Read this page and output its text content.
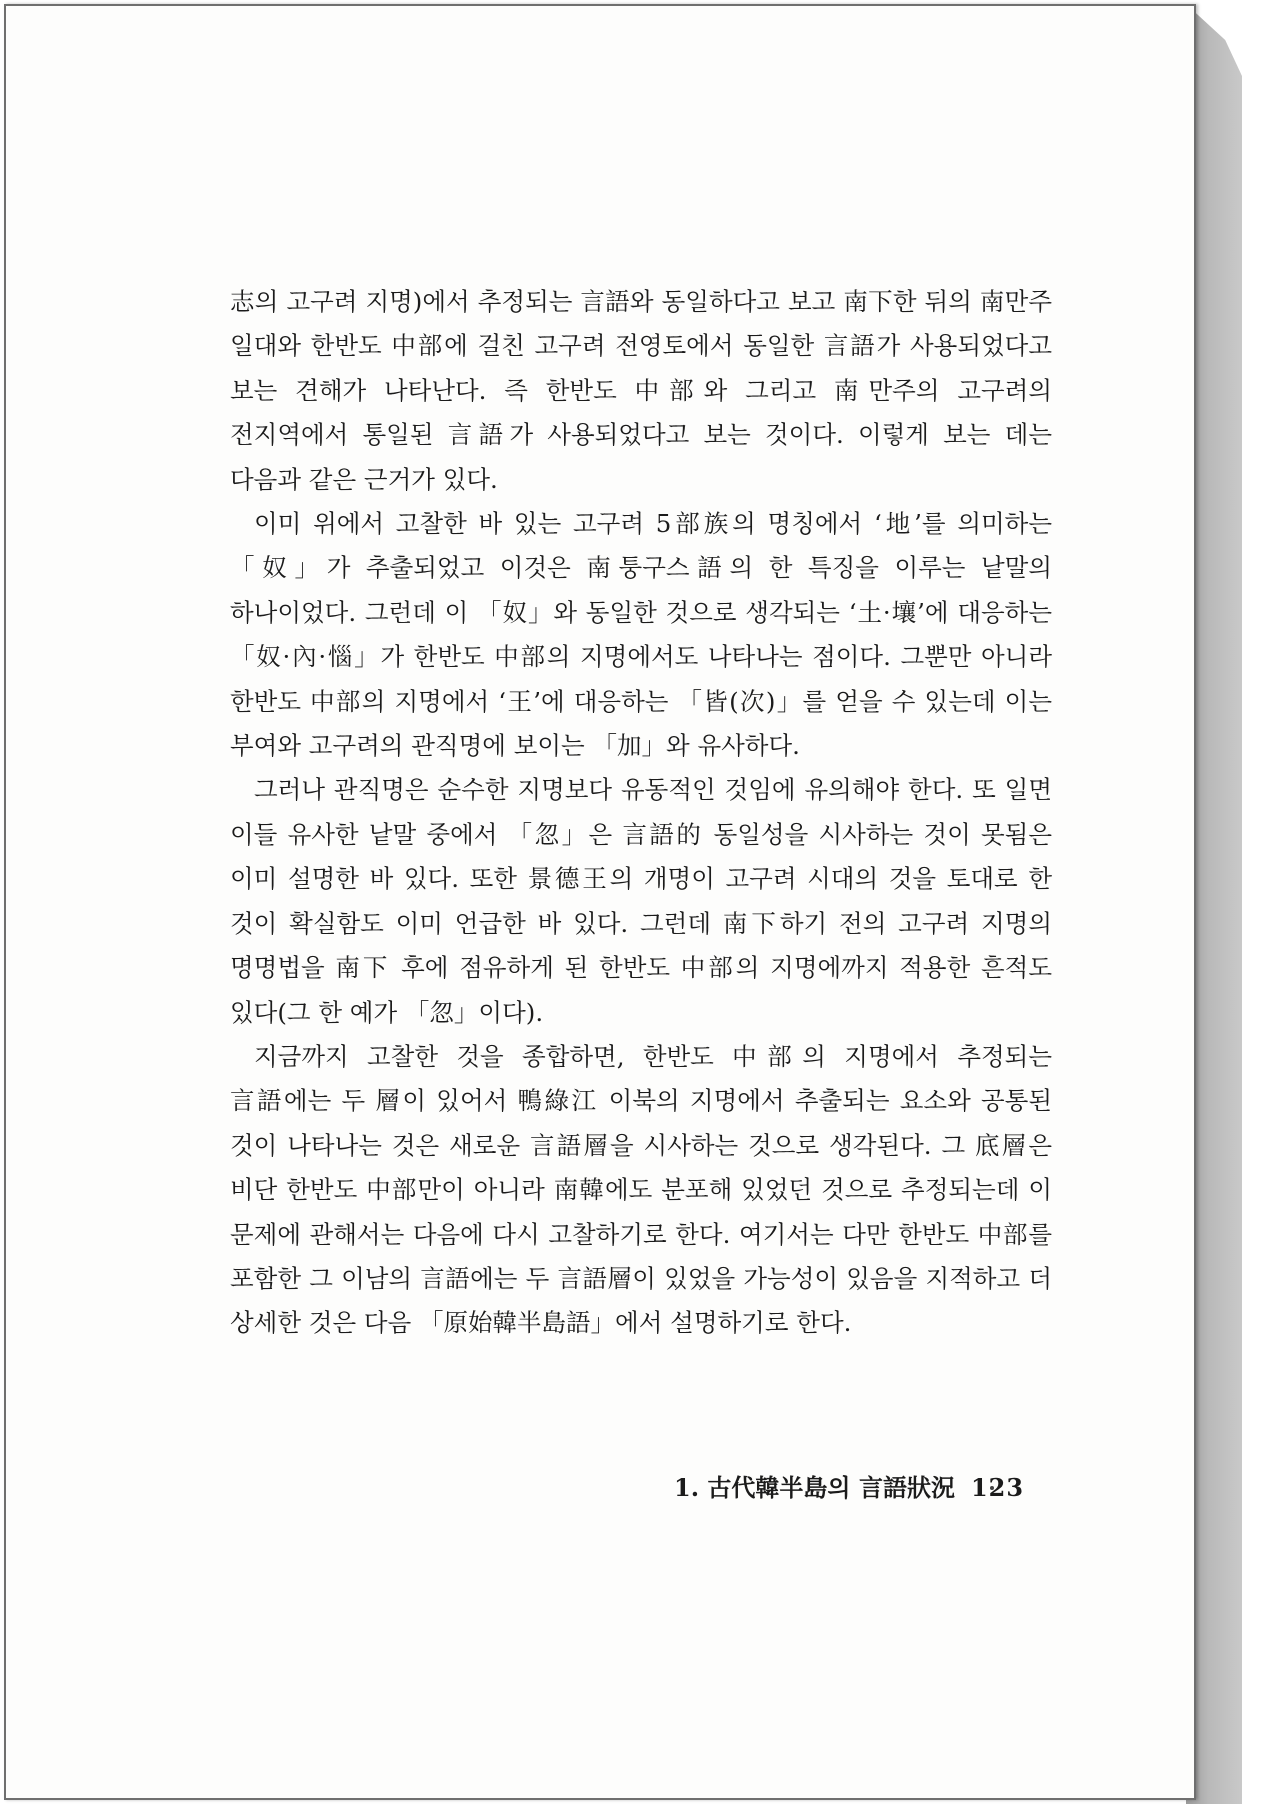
志의 고구려 지명)에서 추정되는 言語와 동일하다고 보고 南下한 뒤의 南만주 일대와 한반도 中部에 걸친 고구려 전영토에서 동일한 言語가 사용되었다고 보는 견해가 나타난다. 즉 한반도 中部와 그리고 南만주의 고구려의 전지역에서 통일된 言語가 사용되었다고 보는 것이다. 이렇게 보는 데는 다음과 같은 근거가 있다.

이미 위에서 고찰한 바 있는 고구려 5部族의 명칭에서 ‘地’를 의미하는 「奴」가 추출되었고 이것은 南퉁구스語의 한 특징을 이루는 낱말의 하나이었다. 그런데 이 「奴」와 동일한 것으로 생각되는 ‘土·壤’에 대응하는 「奴·內·惱」가 한반도 中部의 지명에서도 나타나는 점이다. 그뿐만 아니라 한반도 中部의 지명에서 ‘王’에 대응하는 「皆(次)」를 얻을 수 있는데 이는 부여와 고구려의 관직명에 보이는 「加」와 유사하다.

그러나 관직명은 순수한 지명보다 유동적인 것임에 유의해야 한다. 또 일면 이들 유사한 낱말 중에서 「忽」은 言語的 동일성을 시사하는 것이 못됨은 이미 설명한 바 있다. 또한 景德王의 개명이 고구려 시대의 것을 토대로 한 것이 확실함도 이미 언급한 바 있다. 그런데 南下하기 전의 고구려 지명의 명명법을 南下 후에 점유하게 된 한반도 中部의 지명에까지 적용한 흔적도 있다(그 한 예가 「忽」이다).

지금까지 고찰한 것을 종합하면, 한반도 中部의 지명에서 추정되는 言語에는 두 層이 있어서 鴨綠江 이북의 지명에서 추출되는 요소와 공통된 것이 나타나는 것은 새로운 言語層을 시사하는 것으로 생각된다. 그 底層은 비단 한반도 中部만이 아니라 南韓에도 분포해 있었던 것으로 추정되는데 이 문제에 관해서는 다음에 다시 고찰하기로 한다. 여기서는 다만 한반도 中部를 포함한 그 이남의 言語에는 두 言語層이 있었을 가능성이 있음을 지적하고 더 상세한 것은 다음 「原始韓半島語」에서 설명하기로 한다.

1. 古代韓半島의 言語狀況 123
